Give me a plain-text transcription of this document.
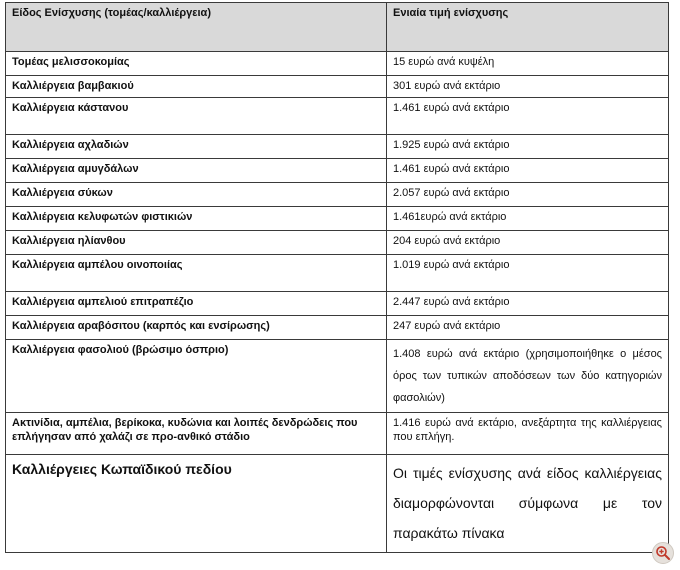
Είδος Ενίσχυσης (τομέας/καλλιέργεια)	Ενιαία τιμή ενίσχυσης
Τομέας μελισσοκομίας	15 ευρώ ανά κυψέλη
Καλλιέργεια βαμβακιού	301 ευρώ ανά εκτάριο
Καλλιέργεια κάστανου	1.461 ευρώ ανά εκτάριο
Καλλιέργεια αχλαδιών	1.925 ευρώ ανά εκτάριο
Καλλιέργεια αμυγδάλων	1.461 ευρώ ανά εκτάριο
Καλλιέργεια σύκων	2.057 ευρώ ανά εκτάριο
Καλλιέργεια κελυφωτών φιστικιών	1.461ευρώ ανά εκτάριο
Καλλιέργεια ηλίανθου	204 ευρώ ανά εκτάριο
Καλλιέργεια αμπέλου οινοποιίας	1.019 ευρώ ανά εκτάριο
Καλλιέργεια αμπελιού επιτραπέζιο	2.447 ευρώ ανά εκτάριο
Καλλιέργεια αραβόσιτου (καρπός και ενσίρωσης)	247 ευρώ ανά εκτάριο
Καλλιέργεια φασολιού (βρώσιμο όσπριο)	1.408 ευρώ ανά εκτάριο (χρησιμοποιήθηκε ο μέσος όρος των τυπικών αποδόσεων των δύο κατηγοριών φασολιών)
Ακτινίδια, αμπέλια, βερίκοκα, κυδώνια και λοιπές δενδρώδεις που επλήγησαν από χαλάζι σε προ-ανθικό στάδιο	1.416 ευρώ ανά εκτάριο, ανεξάρτητα της καλλιέργειας που επλήγη.
Καλλιέργειες Κωπαϊδικού πεδίου	Οι τιμές ενίσχυσης ανά είδος καλλιέργειας διαμορφώνονται σύμφωνα με τον παρακάτω πίνακα
